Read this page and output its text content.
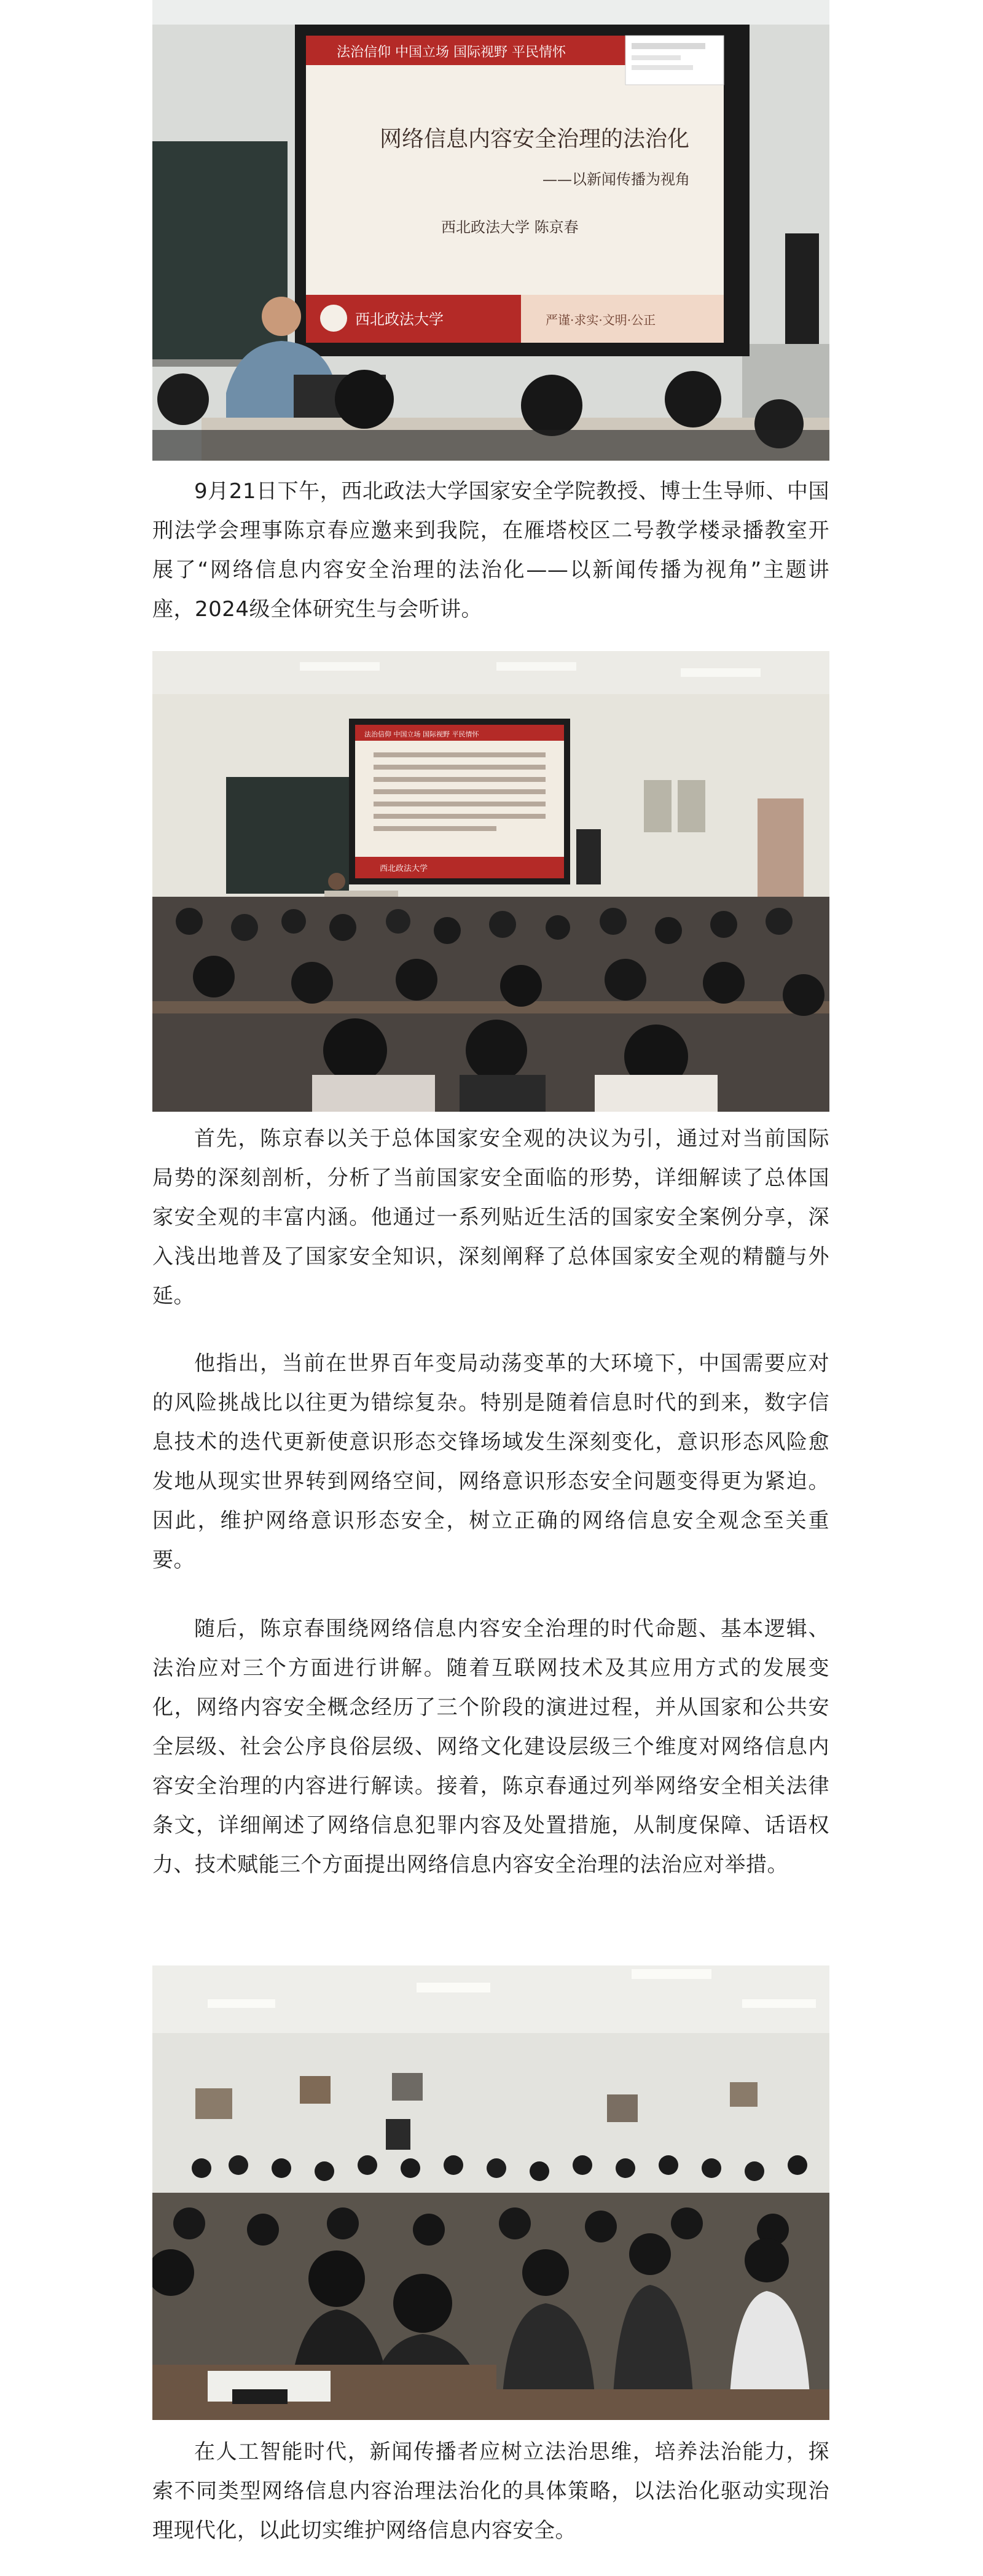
法治信仰 中国立场 国际视野 平民情怀
网络信息内容安全治理的法治化
——以新闻传播为视角
西北政法大学 陈京春
西北政法大学	严谨·求实·文明·公正

9月21日下午，西北政法大学国家安全学院教授、博士生导师、中国刑法学会理事陈京春应邀来到我院，在雁塔校区二号教学楼录播教室开展了“网络信息内容安全治理的法治化——以新闻传播为视角”主题讲座，2024级全体研究生与会听讲。

法治信仰 中国立场 国际视野 平民情怀
西北政法大学

首先，陈京春以关于总体国家安全观的决议为引，通过对当前国际局势的深刻剖析，分析了当前国家安全面临的形势，详细解读了总体国家安全观的丰富内涵。他通过一系列贴近生活的国家安全案例分享，深入浅出地普及了国家安全知识，深刻阐释了总体国家安全观的精髓与外延。

他指出，当前在世界百年变局动荡变革的大环境下，中国需要应对的风险挑战比以往更为错综复杂。特别是随着信息时代的到来，数字信息技术的迭代更新使意识形态交锋场域发生深刻变化，意识形态风险愈发地从现实世界转到网络空间，网络意识形态安全问题变得更为紧迫。因此，维护网络意识形态安全，树立正确的网络信息安全观念至关重要。

随后，陈京春围绕网络信息内容安全治理的时代命题、基本逻辑、法治应对三个方面进行讲解。随着互联网技术及其应用方式的发展变化，网络内容安全概念经历了三个阶段的演进过程，并从国家和公共安全层级、社会公序良俗层级、网络文化建设层级三个维度对网络信息内容安全治理的内容进行解读。接着，陈京春通过列举网络安全相关法律条文，详细阐述了网络信息犯罪内容及处置措施，从制度保障、话语权力、技术赋能三个方面提出网络信息内容安全治理的法治应对举措。

在人工智能时代，新闻传播者应树立法治思维，培养法治能力，探索不同类型网络信息内容治理法治化的具体策略，以法治化驱动实现治理现代化，以此切实维护网络信息内容安全。
